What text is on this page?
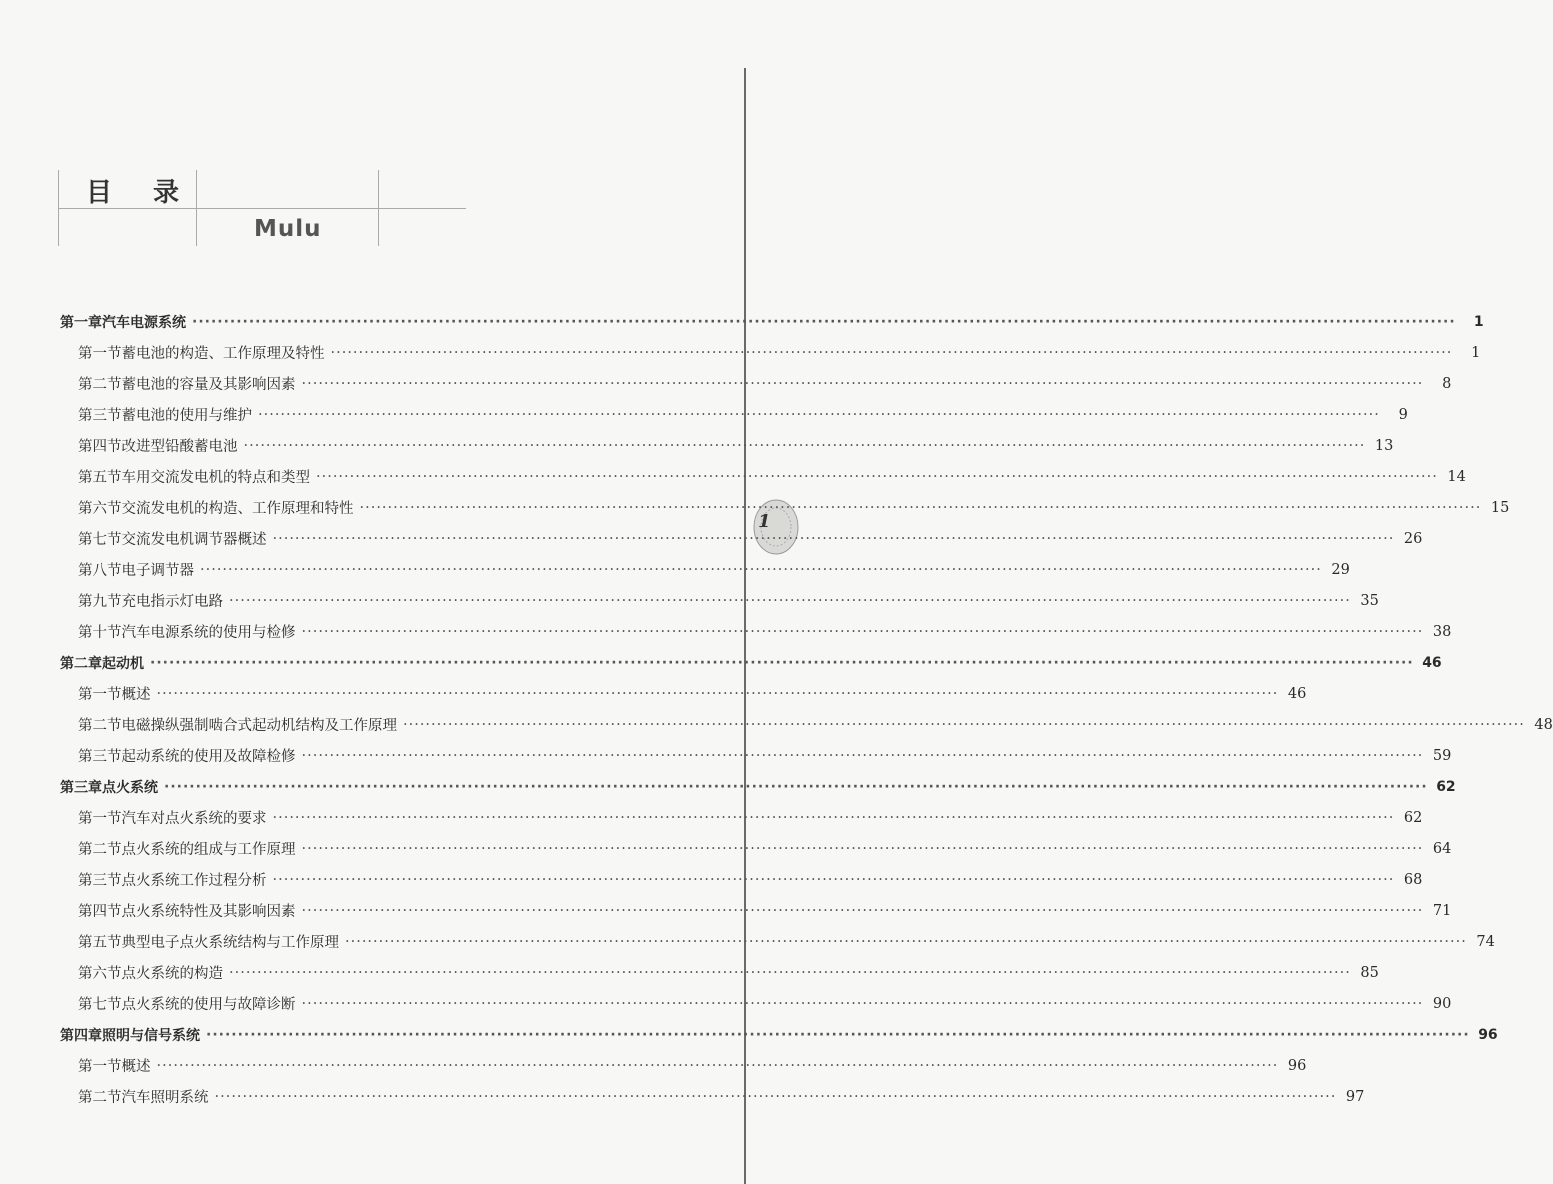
目 录
Mulu
1
第一章 汽车电源系统 ········································································································································································································	1
第一节 蓄电池的构造、工作原理及特性 ········································································································································································································	1
第二节 蓄电池的容量及其影响因素 ········································································································································································································	8
第三节 蓄电池的使用与维护 ········································································································································································································	9
第四节 改进型铅酸蓄电池 ········································································································································································································ 13
第五节 车用交流发电机的特点和类型 ········································································································································································································ 14
第六节 交流发电机的构造、工作原理和特性 ········································································································································································································ 15
第七节 交流发电机调节器概述 ········································································································································································································ 26
第八节 电子调节器 ········································································································································································································ 29
第九节 充电指示灯电路 ········································································································································································································ 35
第十节 汽车电源系统的使用与检修 ········································································································································································································ 38
第二章 起动机 ········································································································································································································ 46
第一节 概述 ········································································································································································································ 46
第二节 电磁操纵强制啮合式起动机结构及工作原理 ········································································································································································································ 48
第三节 起动系统的使用及故障检修 ········································································································································································································ 59
第三章 点火系统 ········································································································································································································ 62
第一节 汽车对点火系统的要求 ········································································································································································································ 62
第二节 点火系统的组成与工作原理 ········································································································································································································ 64
第三节 点火系统工作过程分析 ········································································································································································································ 68
第四节 点火系统特性及其影响因素 ········································································································································································································ 71
第五节 典型电子点火系统结构与工作原理 ········································································································································································································ 74
第六节 点火系统的构造 ········································································································································································································ 85
第七节 点火系统的使用与故障诊断 ········································································································································································································ 90
第四章 照明与信号系统 ········································································································································································································ 96
第一节 概述 ········································································································································································································ 96
第二节 汽车照明系统 ········································································································································································································ 97
